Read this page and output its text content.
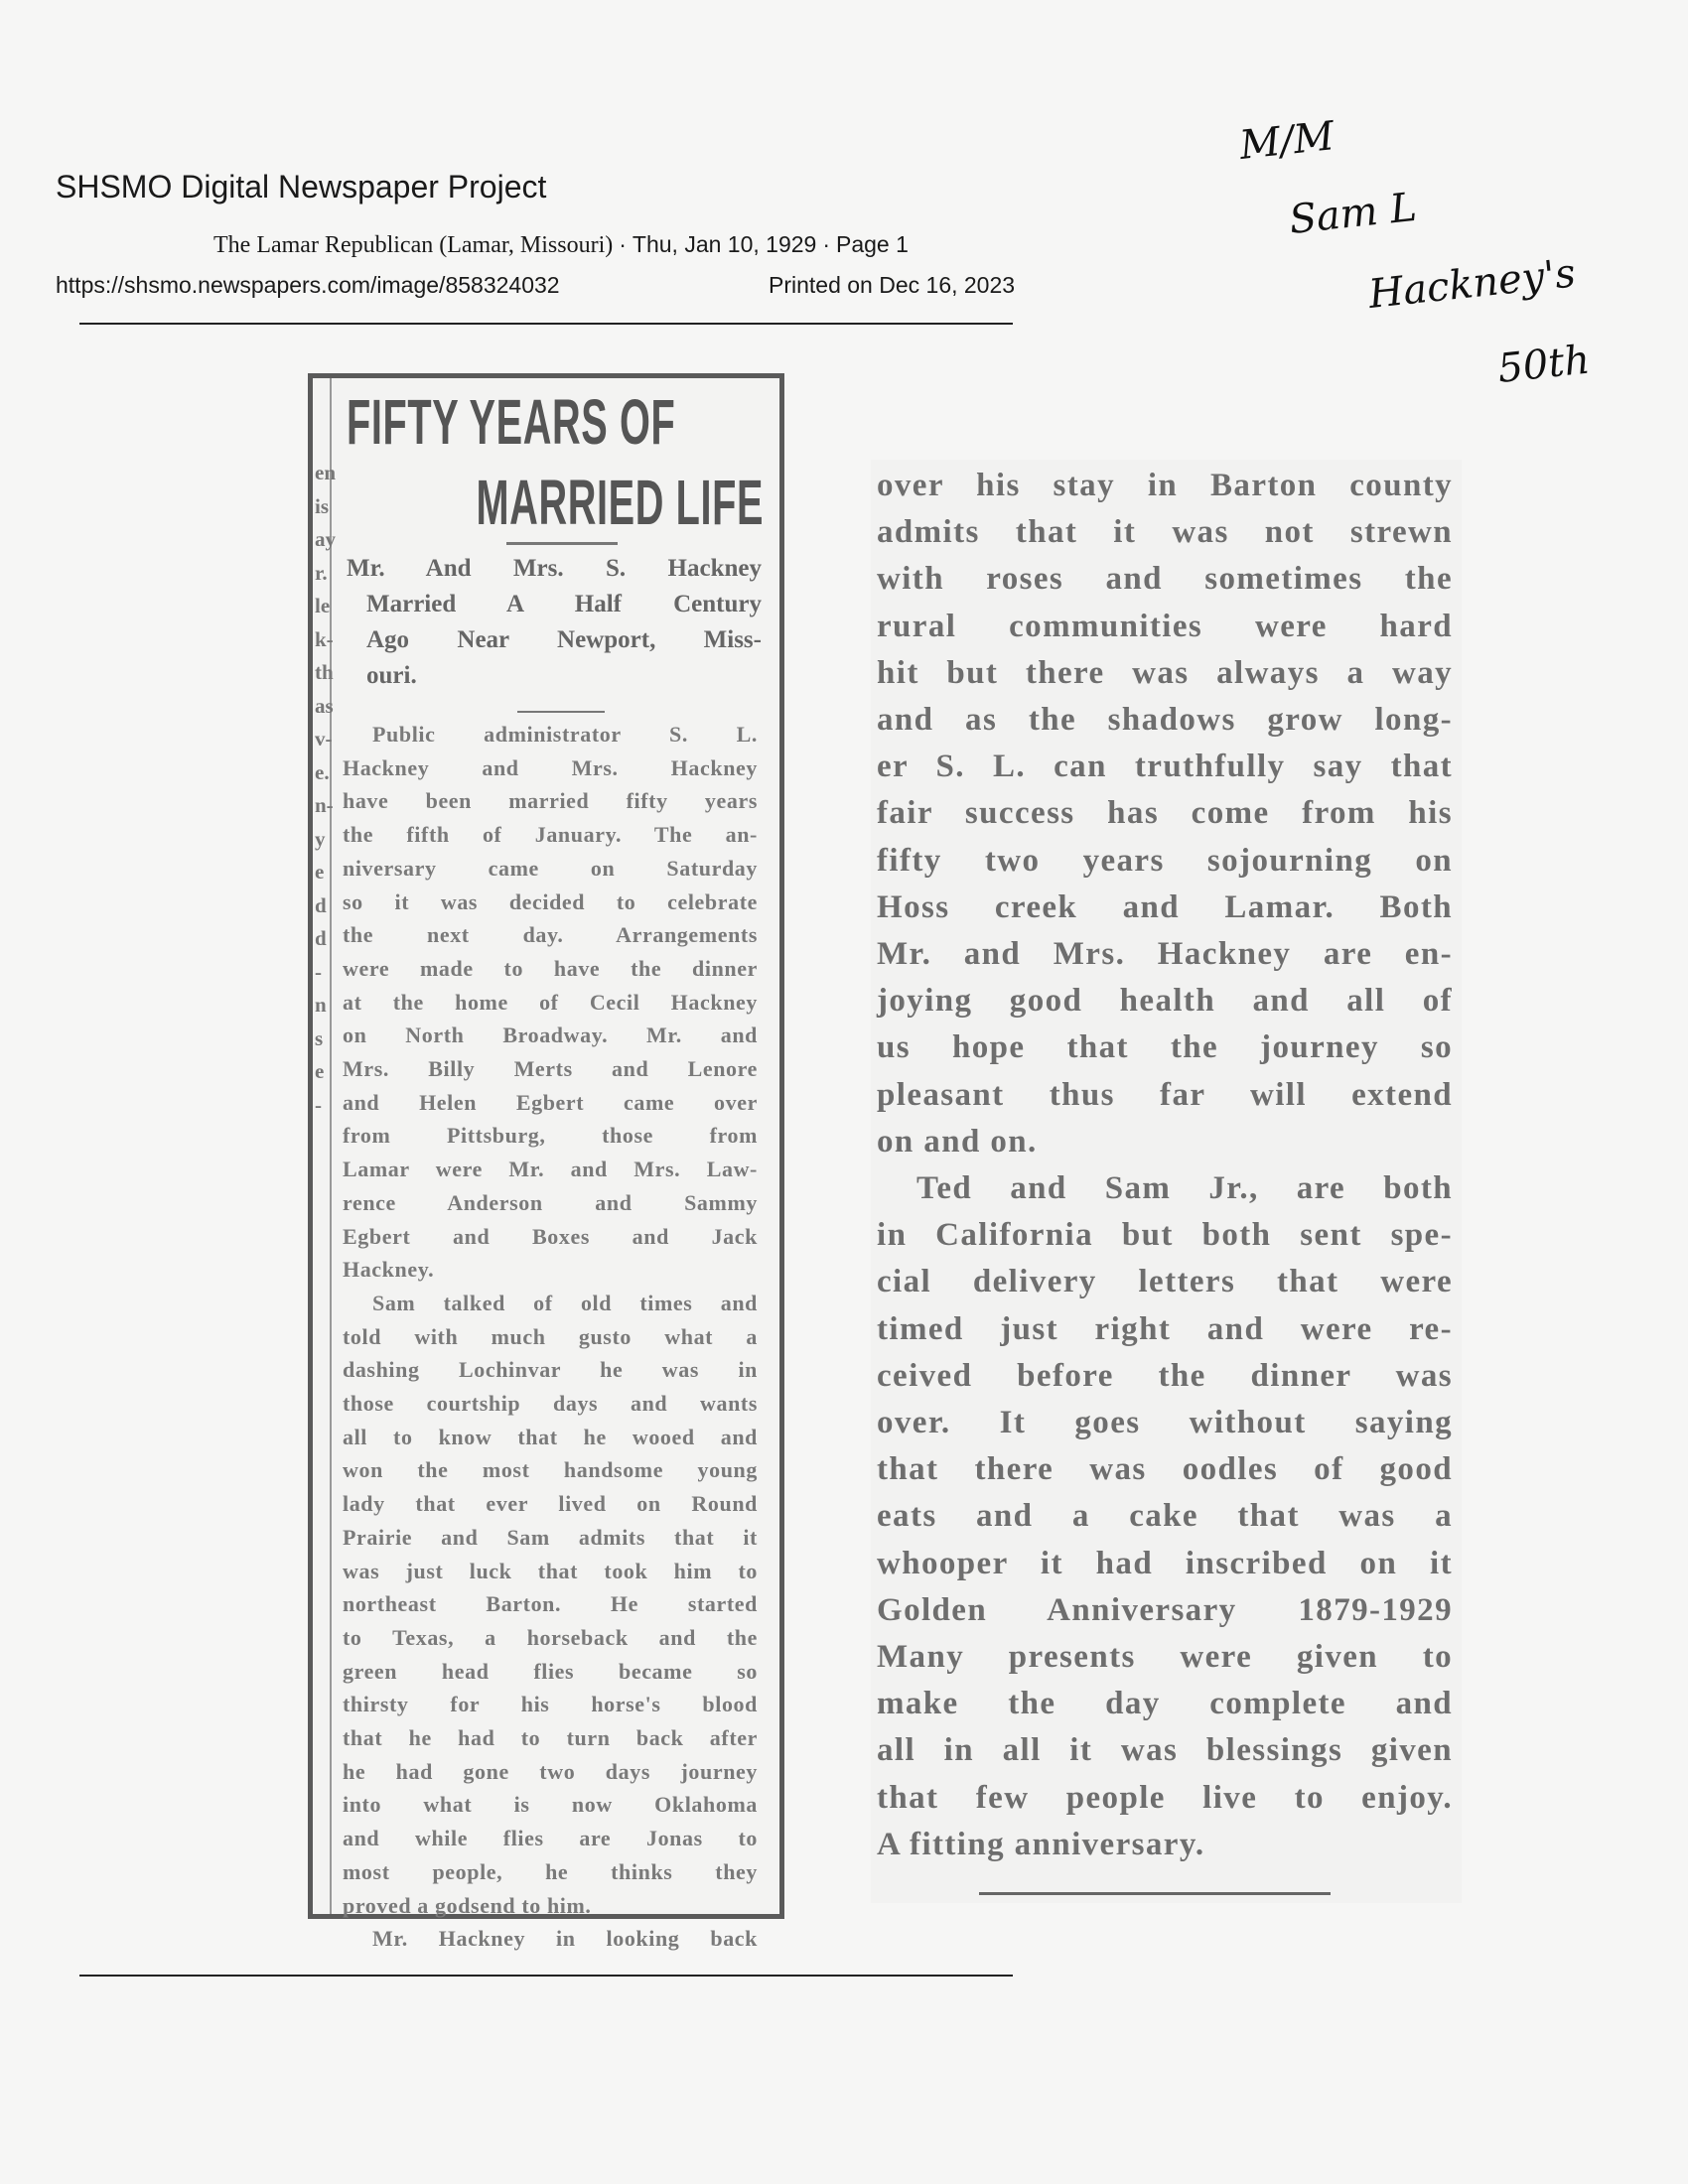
SHSMO Digital Newspaper Project
The Lamar Republican (Lamar, Missouri) · Thu, Jan 10, 1929 · Page 1
https://shsmo.newspapers.com/image/858324032	Printed on Dec 16, 2023
M/M
Sam L
Hackney's
50th
en
is
ay
r.
le
k-
th
as
v-
e.
n-
y
e
d
d
-
n
s
e
-
FIFTY YEARS OF
MARRIED LIFE
Mr. And Mrs. S. Hackney
Married A Half Century
Ago Near Newport, Miss-
ouri.
Public administrator S. L.
Hackney and Mrs. Hackney
have been married fifty years
the fifth of January. The an-
niversary came on Saturday
so it was decided to celebrate
the next day. Arrangements
were made to have the dinner
at the home of Cecil Hackney
on North Broadway. Mr. and
Mrs. Billy Merts and Lenore
and Helen Egbert came over
from Pittsburg, those from
Lamar were Mr. and Mrs. Law-
rence Anderson and Sammy
Egbert and Boxes and Jack
Hackney.
Sam talked of old times and
told with much gusto what a
dashing Lochinvar he was in
those courtship days and wants
all to know that he wooed and
won the most handsome young
lady that ever lived on Round
Prairie and Sam admits that it
was just luck that took him to
northeast Barton. He started
to Texas, a horseback and the
green head flies became so
thirsty for his horse's blood
that he had to turn back after
he had gone two days journey
into what is now Oklahoma
and while flies are Jonas to
most people, he thinks they
proved a godsend to him.
Mr. Hackney in looking back
over his stay in Barton county
admits that it was not strewn
with roses and sometimes the
rural communities were hard
hit but there was always a way
and as the shadows grow long-
er S. L. can truthfully say that
fair success has come from his
fifty two years sojourning on
Hoss creek and Lamar. Both
Mr. and Mrs. Hackney are en-
joying good health and all of
us hope that the journey so
pleasant thus far will extend
on and on.
Ted and Sam Jr., are both
in California but both sent spe-
cial delivery letters that were
timed just right and were re-
ceived before the dinner was
over. It goes without saying
that there was oodles of good
eats and a cake that was a
whooper it had inscribed on it
Golden Anniversary 1879-1929
Many presents were given to
make the day complete and
all in all it was blessings given
that few people live to enjoy.
A fitting anniversary.
